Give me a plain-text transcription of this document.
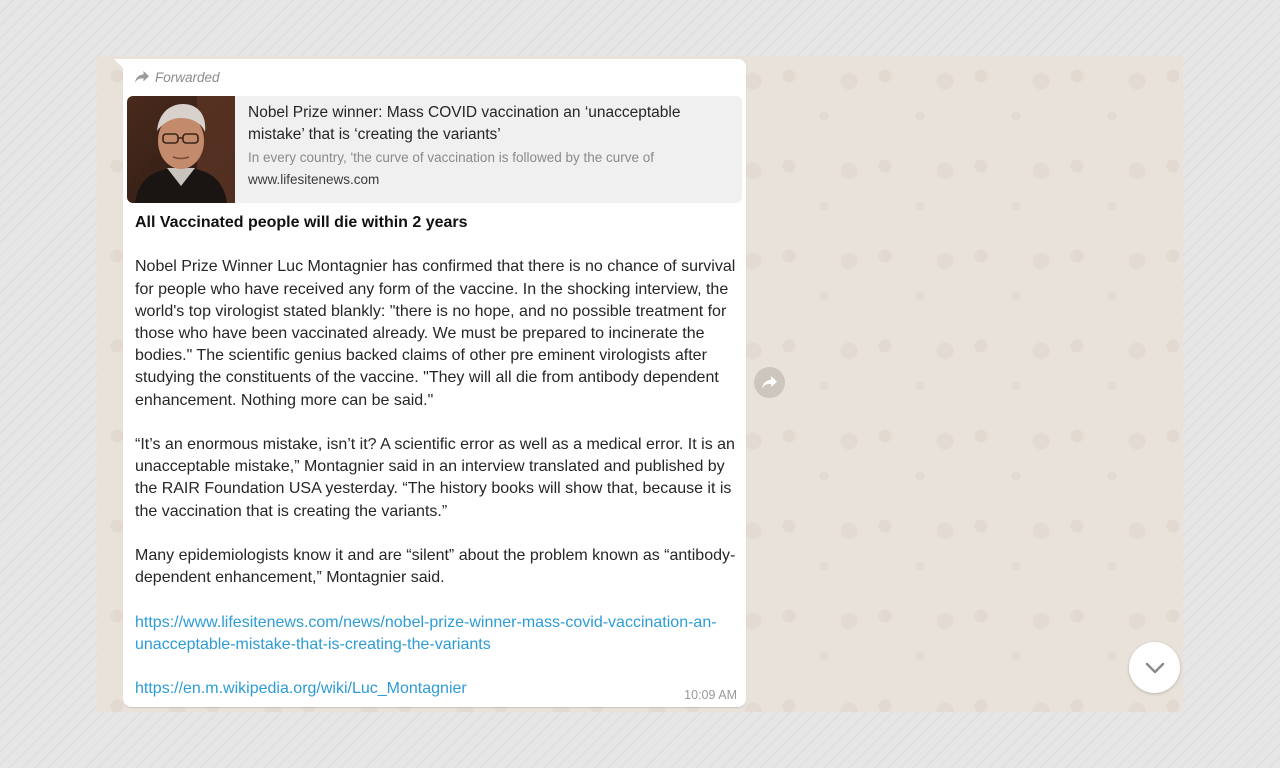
Forwarded
Nobel Prize winner: Mass COVID vaccination an ‘unacceptable mistake’ that is ‘creating the variants’
In every country, 'the curve of vaccination is followed by the curve of
www.lifesitenews.com

All Vaccinated people will die within 2 years

Nobel Prize Winner Luc Montagnier has confirmed that there is no chance of survival for people who have received any form of the vaccine. In the shocking interview, the world's top virologist stated blankly: "there is no hope, and no possible treatment for those who have been vaccinated already. We must be prepared to incinerate the bodies." The scientific genius backed claims of other pre eminent virologists after studying the constituents of the vaccine. "They will all die from antibody dependent enhancement. Nothing more can be said."

“It’s an enormous mistake, isn’t it? A scientific error as well as a medical error. It is an unacceptable mistake,” Montagnier said in an interview translated and published by the RAIR Foundation USA yesterday. “The history books will show that, because it is the vaccination that is creating the variants.”

Many epidemiologists know it and are “silent” about the problem known as “antibody-dependent enhancement,” Montagnier said.

https://www.lifesitenews.com/news/nobel-prize-winner-mass-covid-vaccination-an-unacceptable-mistake-that-is-creating-the-variants

https://en.m.wikipedia.org/wiki/Luc_Montagnier	10:09 AM
